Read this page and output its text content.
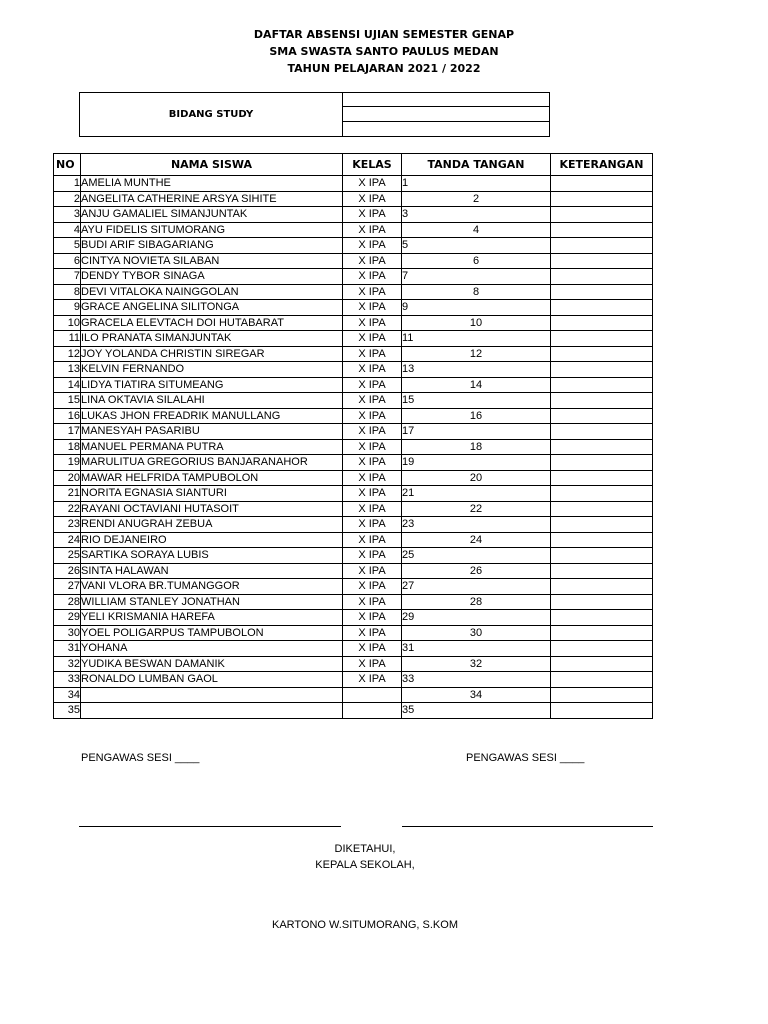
DAFTAR ABSENSI UJIAN SEMESTER GENAP
SMA SWASTA SANTO PAULUS MEDAN
TAHUN PELAJARAN 2021 / 2022
BIDANG STUDY
NO	NAMA SISWA	KELAS	TANDA TANGAN	KETERANGAN
1	AMELIA MUNTHE	X IPA	1	
2	ANGELITA CATHERINE ARSYA SIHITE	X IPA	2	
3	ANJU GAMALIEL SIMANJUNTAK	X IPA	3	
4	AYU FIDELIS SITUMORANG	X IPA	4	
5	BUDI ARIF SIBAGARIANG	X IPA	5	
6	CINTYA NOVIETA SILABAN	X IPA	6	
7	DENDY TYBOR SINAGA	X IPA	7	
8	DEVI VITALOKA NAINGGOLAN	X IPA	8	
9	GRACE ANGELINA SILITONGA	X IPA	9	
10	GRACELA ELEVTACH DOI HUTABARAT	X IPA	10	
11	ILO PRANATA SIMANJUNTAK	X IPA	11	
12	JOY YOLANDA CHRISTIN SIREGAR	X IPA	12	
13	KELVIN FERNANDO	X IPA	13	
14	LIDYA TIATIRA SITUMEANG	X IPA	14	
15	LINA OKTAVIA SILALAHI	X IPA	15	
16	LUKAS JHON FREADRIK MANULLANG	X IPA	16	
17	MANESYAH PASARIBU	X IPA	17	
18	MANUEL PERMANA PUTRA	X IPA	18	
19	MARULITUA GREGORIUS BANJARANAHOR	X IPA	19	
20	MAWAR HELFRIDA TAMPUBOLON	X IPA	20	
21	NORITA EGNASIA SIANTURI	X IPA	21	
22	RAYANI OCTAVIANI HUTASOIT	X IPA	22	
23	RENDI ANUGRAH ZEBUA	X IPA	23	
24	RIO DEJANEIRO	X IPA	24	
25	SARTIKA SORAYA LUBIS	X IPA	25	
26	SINTA HALAWAN	X IPA	26	
27	VANI VLORA BR.TUMANGGOR	X IPA	27	
28	WILLIAM STANLEY JONATHAN	X IPA	28	
29	YELI KRISMANIA HAREFA	X IPA	29	
30	YOEL POLIGARPUS TAMPUBOLON	X IPA	30	
31	YOHANA	X IPA	31	
32	YUDIKA BESWAN DAMANIK	X IPA	32	
33	RONALDO LUMBAN GAOL	X IPA	33	
34			34	
35			35	
PENGAWAS SESI ____	PENGAWAS SESI ____
DIKETAHUI,
KEPALA SEKOLAH,
KARTONO W.SITUMORANG, S.KOM
